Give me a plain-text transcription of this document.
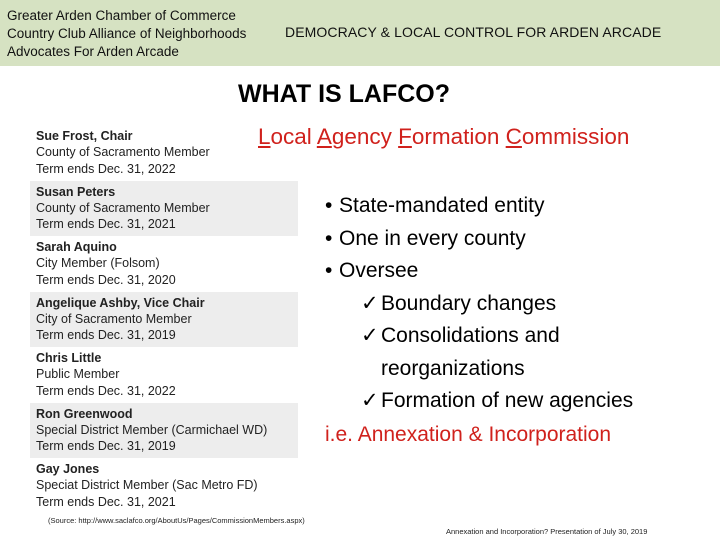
Greater Arden Chamber of Commerce
Country Club Alliance of Neighborhoods
Advocates For Arden Arcade
DEMOCRACY & LOCAL CONTROL FOR ARDEN ARCADE
WHAT IS LAFCO?
Local Agency Formation Commission
Sue Frost, Chair
County of Sacramento Member
Term ends Dec. 31, 2022
Susan Peters
County of Sacramento Member
Term ends Dec. 31, 2021
Sarah Aquino
City Member (Folsom)
Term ends Dec. 31, 2020
Angelique Ashby, Vice Chair
City of Sacramento Member
Term ends Dec. 31, 2019
Chris Little
Public Member
Term ends Dec. 31, 2022
Ron Greenwood
Special District Member (Carmichael WD)
Term ends Dec. 31, 2019
Gay Jones
Speciat District Member (Sac Metro FD)
Term ends Dec. 31, 2021
• State-mandated entity
• One in every county
• Oversee
✓ Boundary changes
✓ Consolidations and
reorganizations
✓ Formation of new agencies
i.e. Annexation & Incorporation
(Source: http://www.saclafco.org/AboutUs/Pages/CommissionMembers.aspx)
Annexation and Incorporation? Presentation of July 30, 2019
